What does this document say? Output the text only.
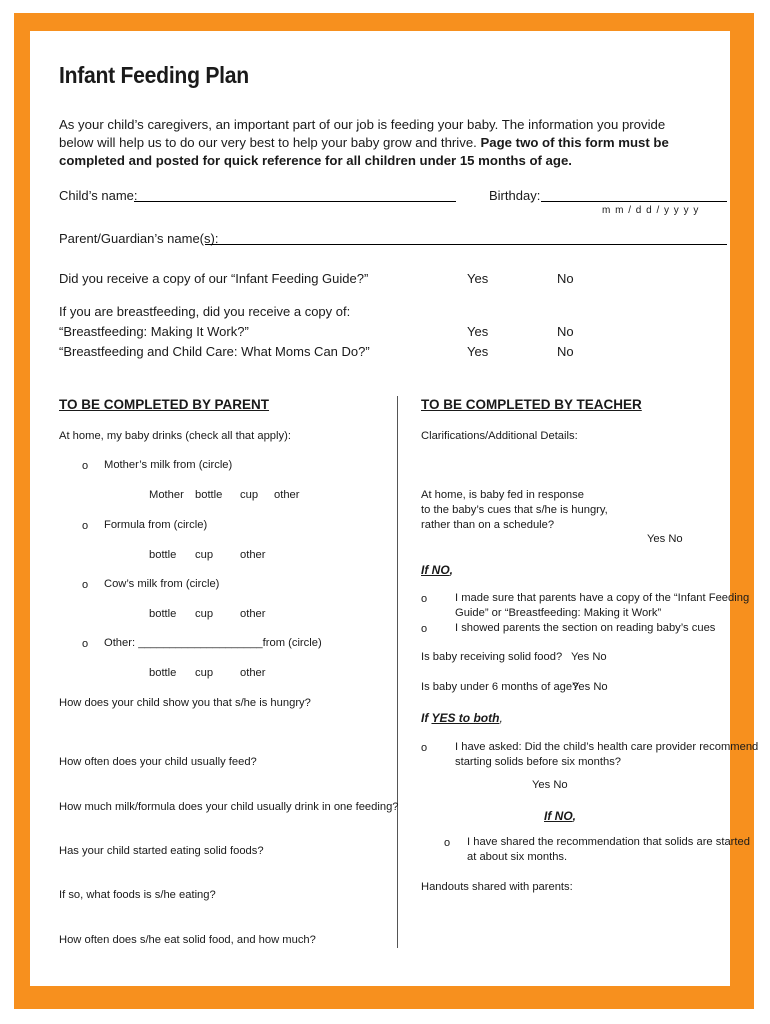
Infant Feeding Plan
As your child’s caregivers, an important part of our job is feeding your baby. The information you provide below will help us to do our very best to help your baby grow and thrive. Page two of this form must be completed and posted for quick reference for all children under 15 months of age.
Child’s name:	Birthday:
m m / d d / y y y y
Parent/Guardian’s name(s):
Did you receive a copy of our “Infant Feeding Guide?”	Yes	No
If you are breastfeeding, did you receive a copy of:
“Breastfeeding: Making It Work?”	Yes	No
“Breastfeeding and Child Care: What Moms Can Do?”	Yes	No
TO BE COMPLETED BY PARENT
At home, my baby drinks (check all that apply):
o Mother’s milk from (circle)
Mother bottle cup other
o Formula from (circle)
bottle cup other
o Cow’s milk from (circle)
bottle cup other
o Other: ____________________from (circle)
bottle cup other
How does your child show you that s/he is hungry?
How often does your child usually feed?
How much milk/formula does your child usually drink in one feeding?
Has your child started eating solid foods?
If so, what foods is s/he eating?
How often does s/he eat solid food, and how much?
TO BE COMPLETED BY TEACHER
Clarifications/Additional Details:
At home, is baby fed in response
to the baby’s cues that s/he is hungry,
rather than on a schedule?
Yes No
If NO,
o I made sure that parents have a copy of the “Infant Feeding
Guide” or “Breastfeeding: Making it Work”
o I showed parents the section on reading baby’s cues
Is baby receiving solid food? Yes No
Is baby under 6 months of age?
Yes No
If YES to both,
o I have asked: Did the child’s health care provider recommend
starting solids before six months?
Yes No
If NO,
o I have shared the recommendation that solids are started
at about six months.
Handouts shared with parents:
